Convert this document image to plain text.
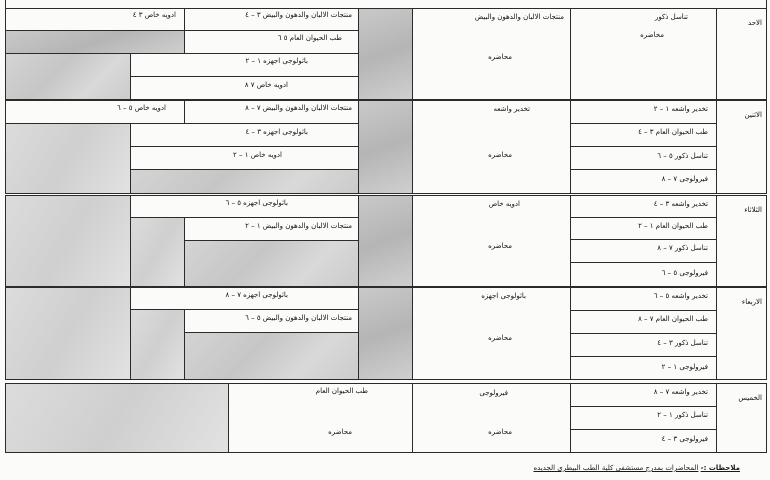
الاحد
تناسل ذكور
محاضره
منتجات الالبان والدهون والبيض
محاضره
منتجات الالبان والدهون والبيض ٣ – ٤
ادويه خاص ٣ ٤
طب الحيوان العام ٥ ٦
باثولوجى اجهزه ١ – ٢
ادويه خاص ٧ ٨
الاثنين
تخدير واشعه ١ – ٢
طب الحيوان العام ٣ – ٤
تناسل ذكور ٥ – ٦
فيرولوجى ٧ – ٨
تخدير واشعه
محاضره
منتجات الالبان والدهون والبيض ٧ – ٨
ادويه خاص ٥ – ٦
باثولوجى اجهزه ٣ – ٤
ادويه خاص ١ – ٢
الثلاثاء
تخدير واشعه ٣ – ٤
طب الحيوان العام ١ – ٢
تناسل ذكور ٧ – ٨
فيرولوجى ٥ – ٦
ادويه خاص
محاضره
باثولوجى اجهزه ٥ – ٦
منتجات الالبان والدهون والبيض ١ – ٢
الاربعاء
تخدير واشعه ٥ – ٦
طب الحيوان العام ٧ – ٨
تناسل ذكور ٣ – ٤
فيرولوجى ١ – ٢
باثولوجى اجهزه
محاضره
باثولوجى اجهزه ٧ – ٨
منتجات الالبان والدهون والبيض ٥ – ٦
الخميس
تخدير واشعه ٧ – ٨
تناسل ذكور ١ – ٢
فيرولوجى ٣ – ٤
فيرولوجى
محاضره
طب الحيوان العام
محاضره
ملاحظات :- المحاضرات بمدرج مستشفى كلية الطب البيطرى الجديده
